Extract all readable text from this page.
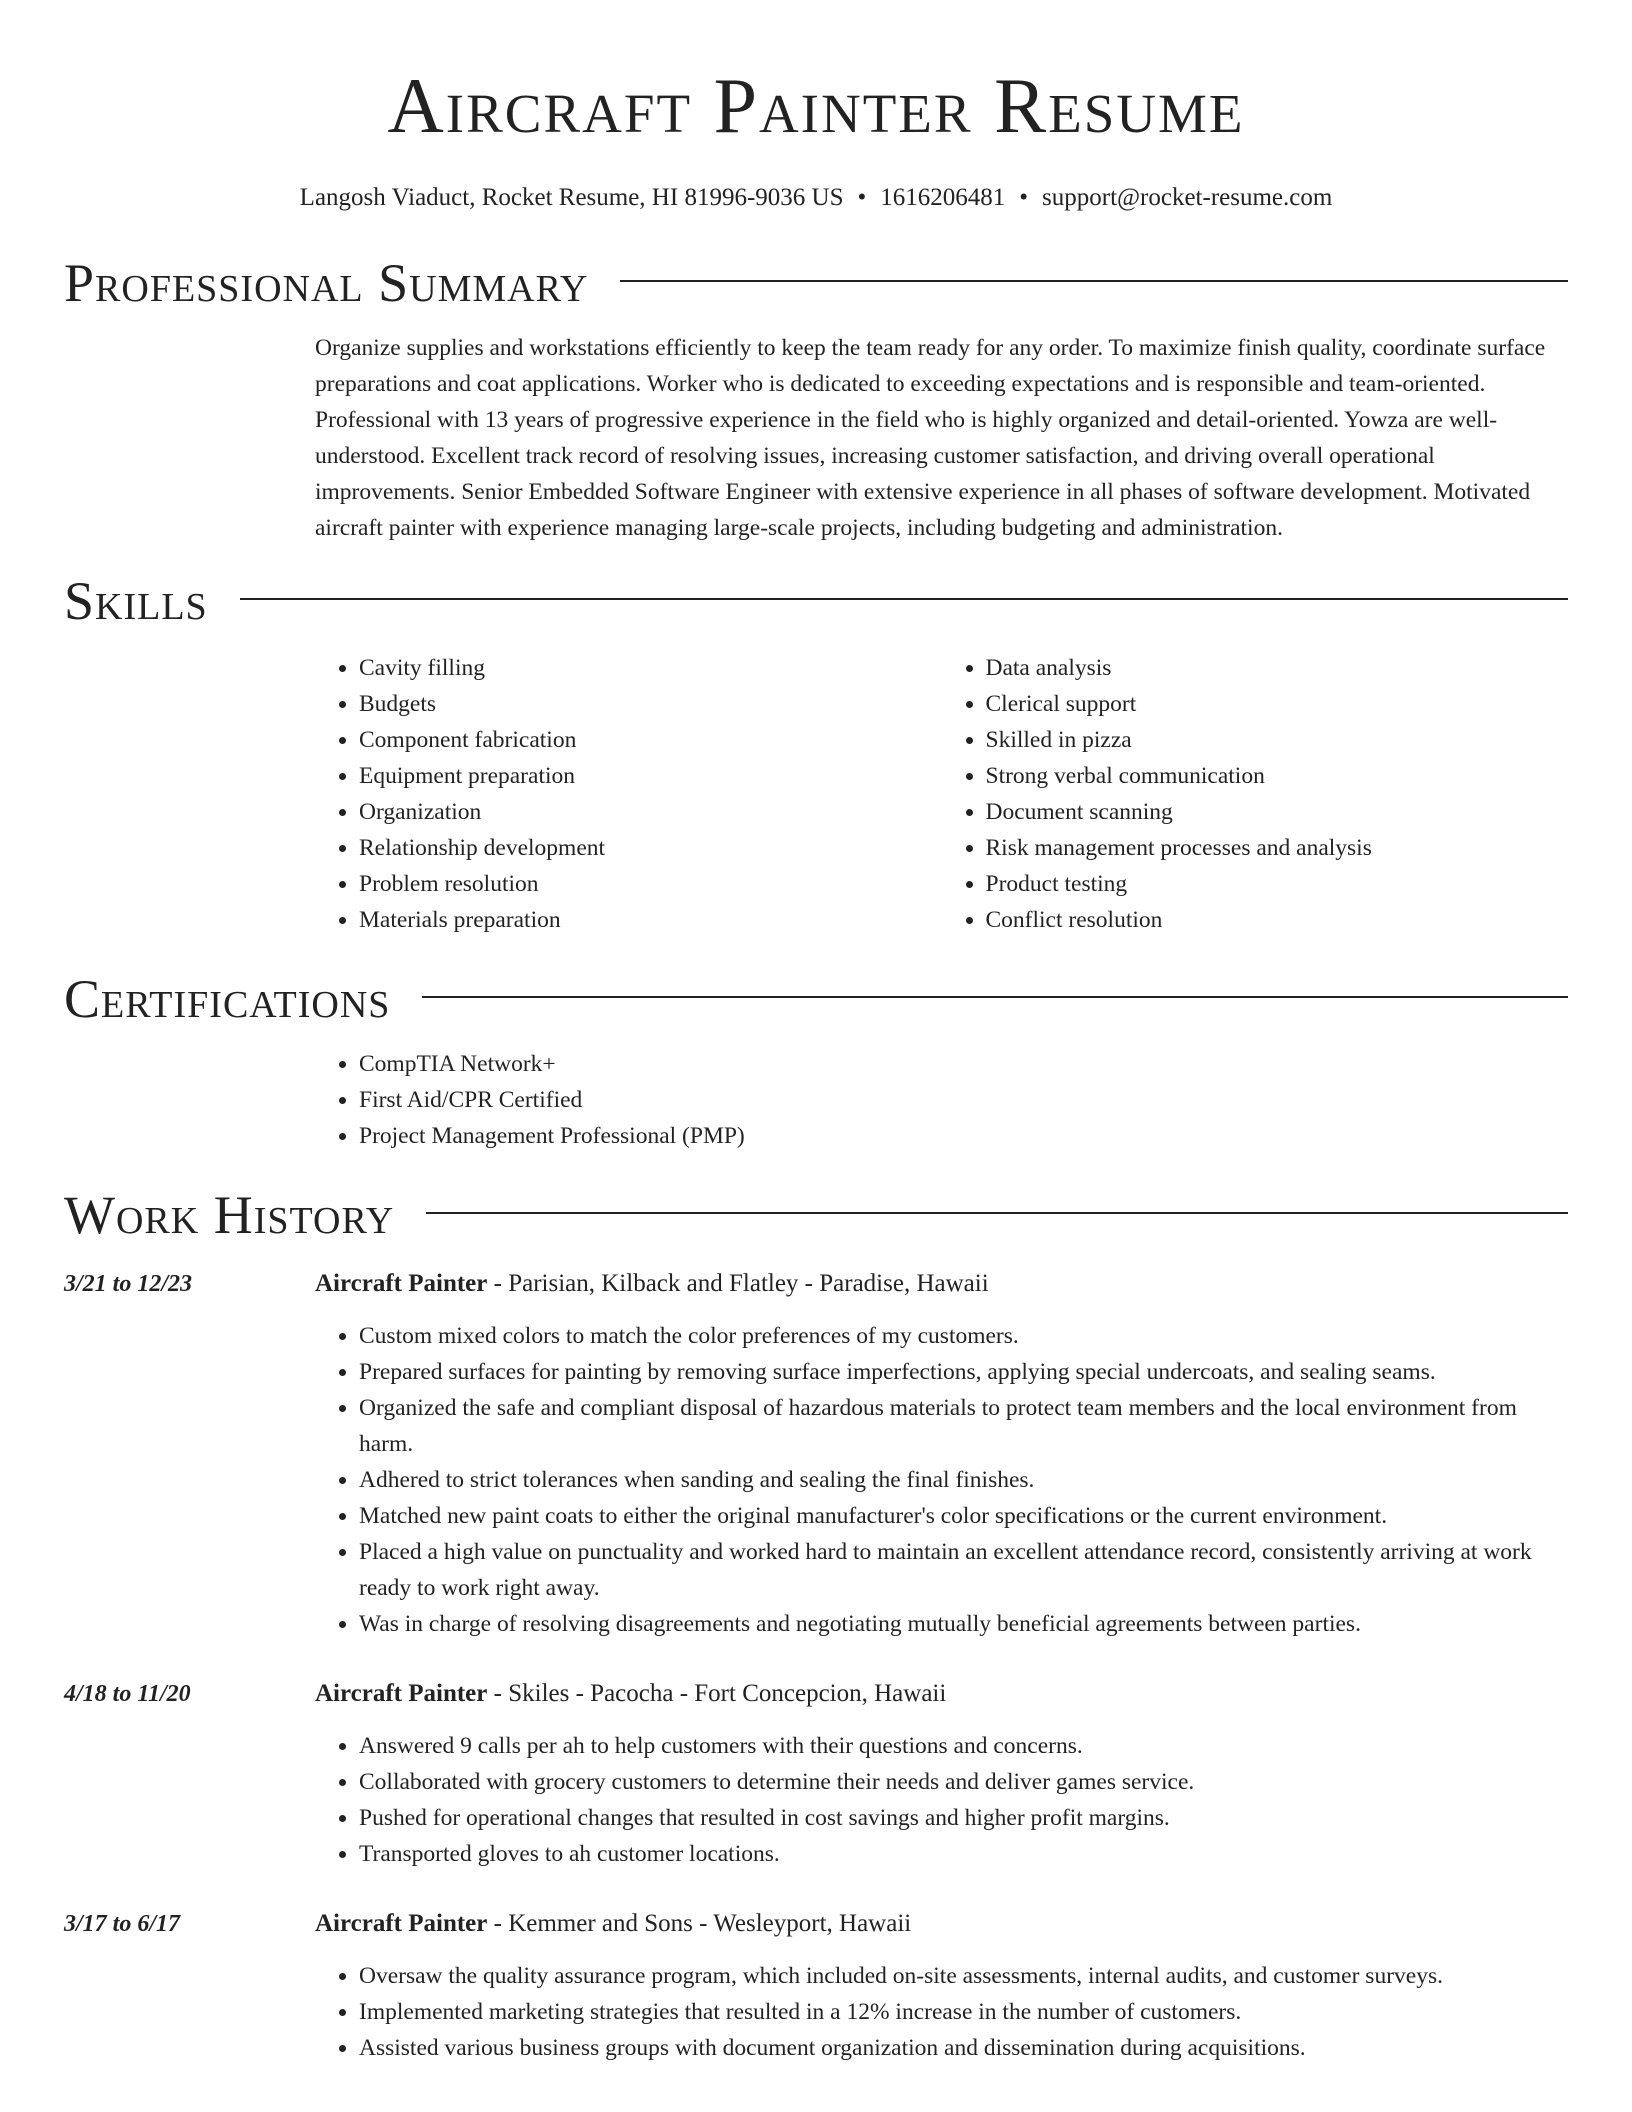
Aircraft Painter Resume
Langosh Viaduct, Rocket Resume, HI 81996-9036 US • 1616206481 • support@rocket-resume.com
Professional Summary

Organize supplies and workstations efficiently to keep the team ready for any order. To maximize finish quality, coordinate surface preparations and coat applications. Worker who is dedicated to exceeding expectations and is responsible and team-oriented. Professional with 13 years of progressive experience in the field who is highly organized and detail-oriented. Yowza are well-understood. Excellent track record of resolving issues, increasing customer satisfaction, and driving overall operational improvements. Senior Embedded Software Engineer with extensive experience in all phases of software development. Motivated aircraft painter with experience managing large-scale projects, including budgeting and administration.

Skills
• Cavity filling
• Budgets
• Component fabrication
• Equipment preparation
• Organization
• Relationship development
• Problem resolution
• Materials preparation
• Data analysis
• Clerical support
• Skilled in pizza
• Strong verbal communication
• Document scanning
• Risk management processes and analysis
• Product testing
• Conflict resolution
Certifications
• CompTIA Network+
• First Aid/CPR Certified
• Project Management Professional (PMP)
Work History
3/21 to 12/23	Aircraft Painter - Parisian, Kilback and Flatley - Paradise, Hawaii
• Custom mixed colors to match the color preferences of my customers.
• Prepared surfaces for painting by removing surface imperfections, applying special undercoats, and sealing seams.
• Organized the safe and compliant disposal of hazardous materials to protect team members and the local environment from harm.
• Adhered to strict tolerances when sanding and sealing the final finishes.
• Matched new paint coats to either the original manufacturer's color specifications or the current environment.
• Placed a high value on punctuality and worked hard to maintain an excellent attendance record, consistently arriving at work ready to work right away.
• Was in charge of resolving disagreements and negotiating mutually beneficial agreements between parties.
4/18 to 11/20	Aircraft Painter - Skiles - Pacocha - Fort Concepcion, Hawaii
• Answered 9 calls per ah to help customers with their questions and concerns.
• Collaborated with grocery customers to determine their needs and deliver games service.
• Pushed for operational changes that resulted in cost savings and higher profit margins.
• Transported gloves to ah customer locations.
3/17 to 6/17	Aircraft Painter - Kemmer and Sons - Wesleyport, Hawaii
• Oversaw the quality assurance program, which included on-site assessments, internal audits, and customer surveys.
• Implemented marketing strategies that resulted in a 12% increase in the number of customers.
• Assisted various business groups with document organization and dissemination during acquisitions.
